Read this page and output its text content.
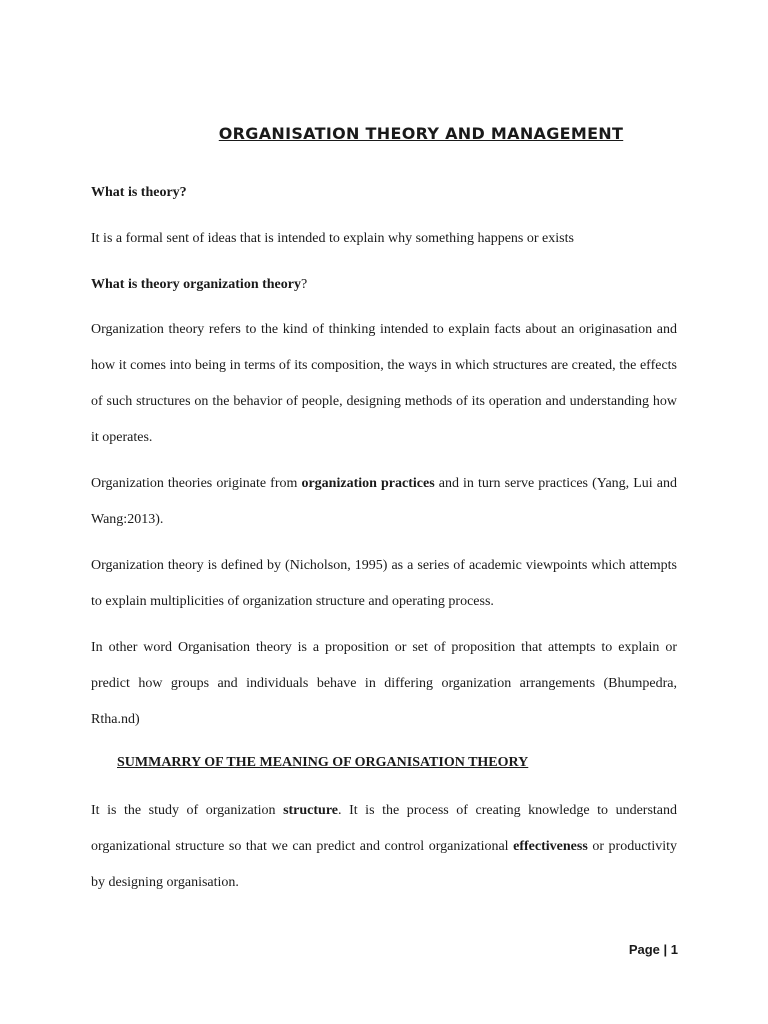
ORGANISATION THEORY AND MANAGEMENT
What is theory?
It is a formal sent of ideas that is intended to explain why something happens or exists
What is theory organization theory?
Organization theory refers to the kind of thinking intended to explain facts about an originasation and how it comes into being in terms of its composition, the ways in which structures are created, the effects of such structures on the behavior of people, designing methods of its operation and understanding how it operates.
Organization theories originate from organization practices and in turn serve practices (Yang, Lui and Wang:2013).
Organization theory is defined by (Nicholson, 1995) as a series of academic viewpoints which attempts to explain multiplicities of organization structure and operating process.
In other word Organisation theory is a proposition or set of proposition that attempts to explain or predict how groups and individuals behave in differing organization arrangements (Bhumpedra, Rtha.nd)
SUMMARRY OF THE MEANING OF ORGANISATION THEORY
It is the study of organization structure. It is the process of creating knowledge to understand organizational structure so that we can predict and control organizational effectiveness or productivity by designing organisation.
Page | 1
